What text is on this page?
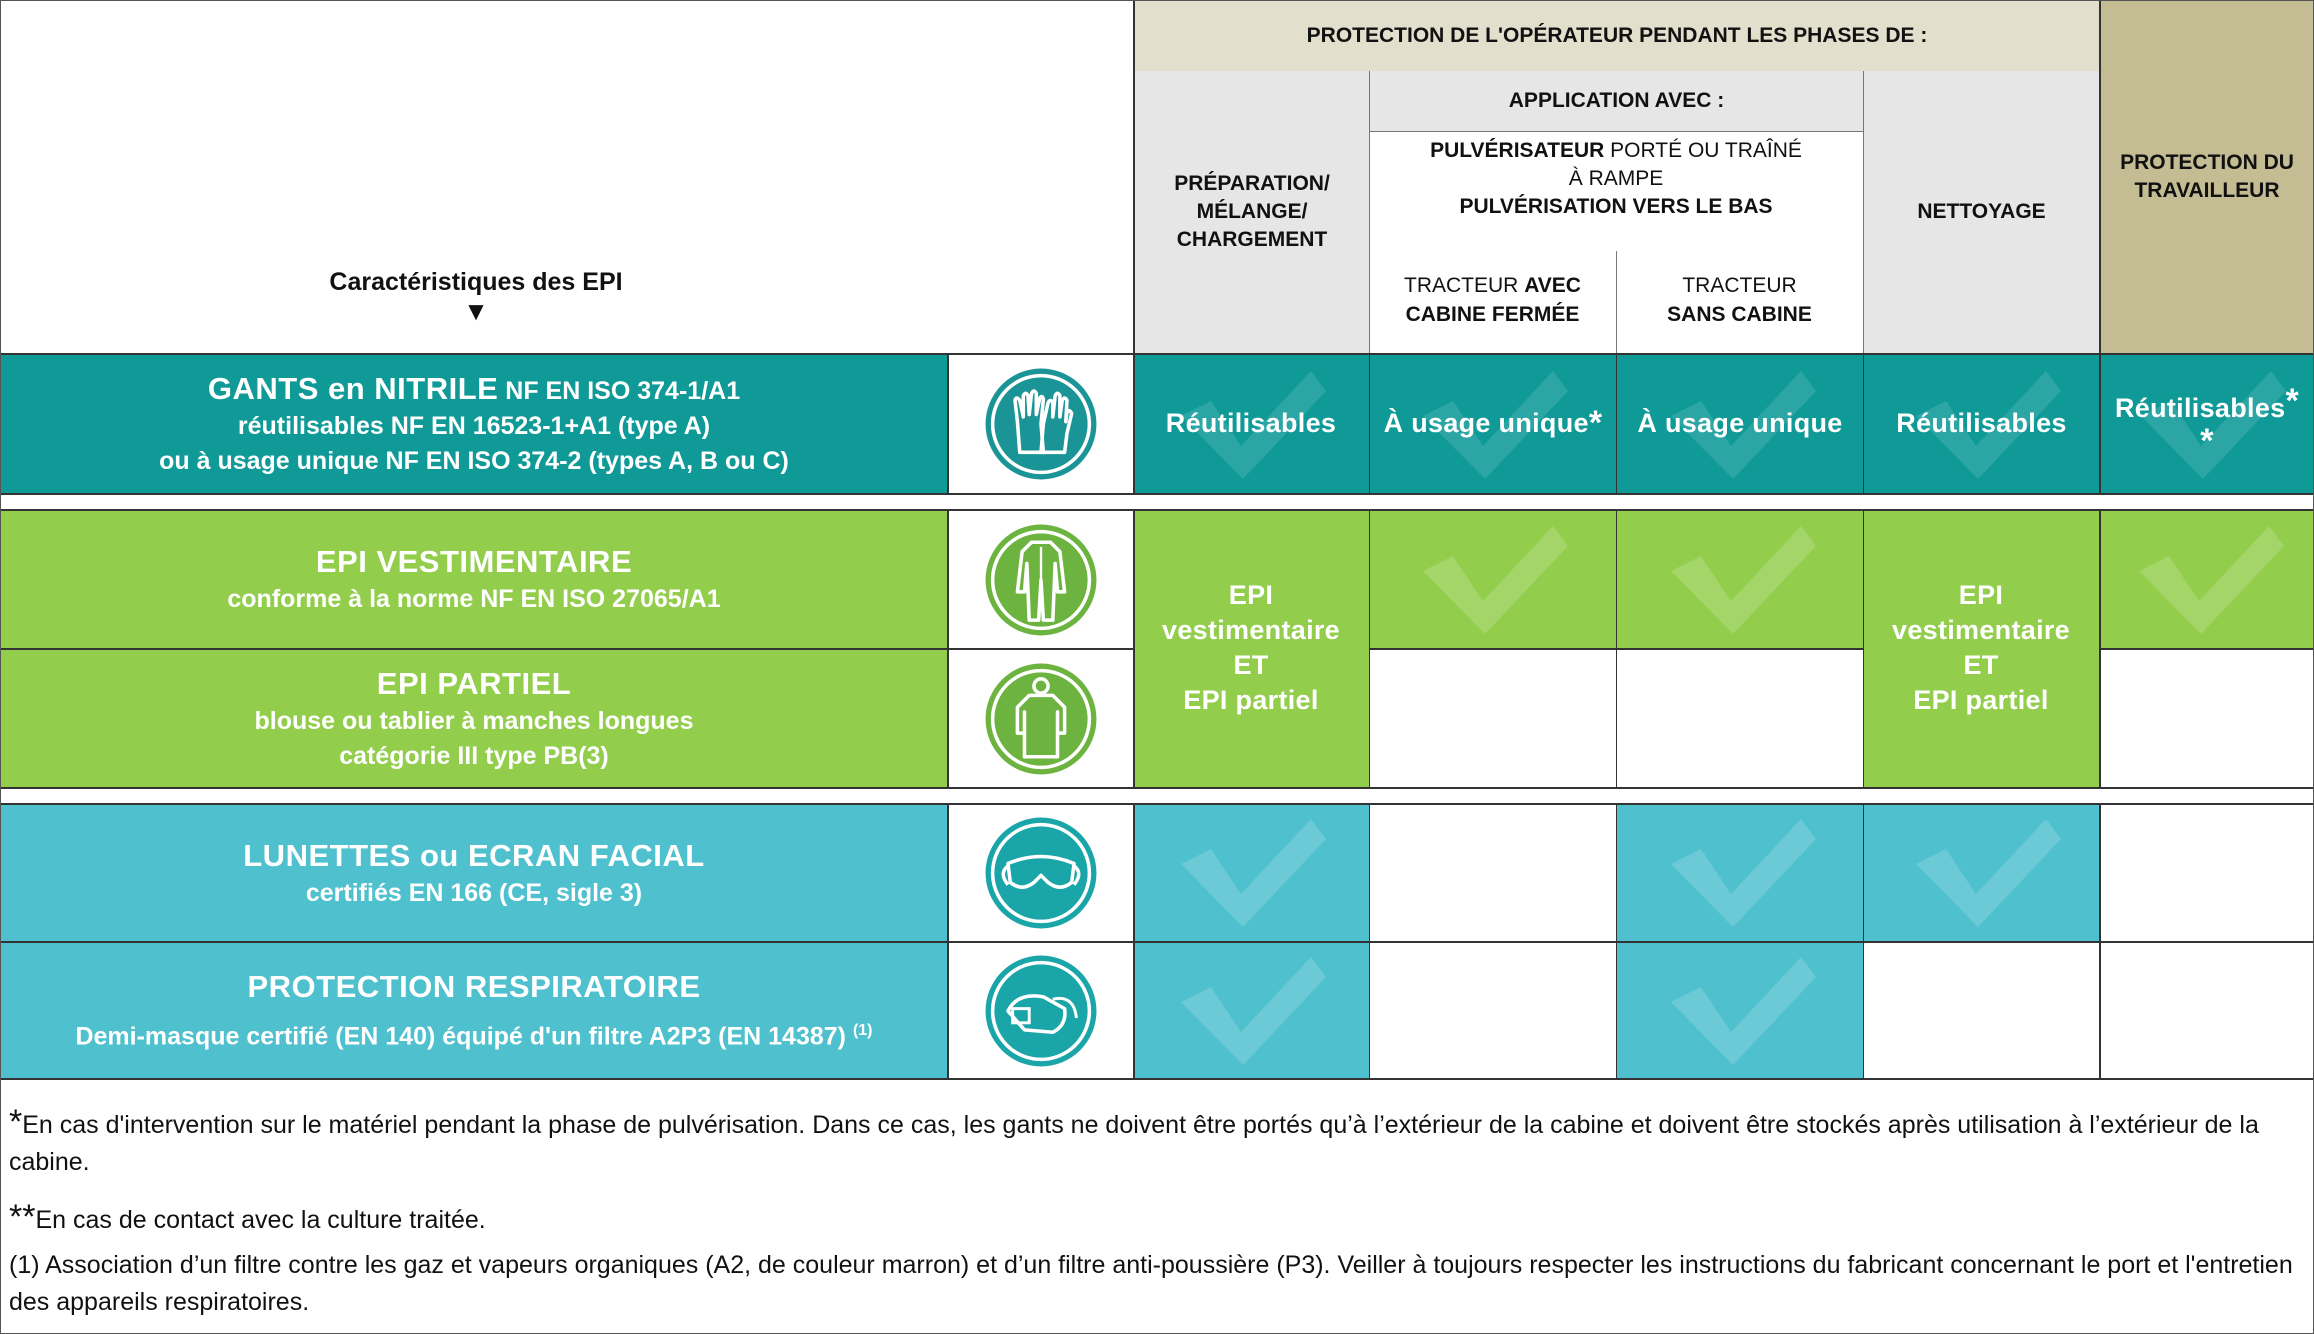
Caractéristiques des EPI
▼
PROTECTION DE L'OPÉRATEUR PENDANT LES PHASES DE :
PROTECTION DU
TRAVAILLEUR
PRÉPARATION/
MÉLANGE/
CHARGEMENT
APPLICATION AVEC :
PULVÉRISATEUR PORTÉ OU TRAÎNÉ
À RAMPE
PULVÉRISATION VERS LE BAS
TRACTEUR AVEC
CABINE FERMÉE
TRACTEUR
SANS CABINE
NETTOYAGE
GANTS en NITRILE NF EN ISO 374-1/A1
réutilisables NF EN 16523-1+A1 (type A)
ou à usage unique NF EN ISO 374-2 (types A, B ou C)
Réutilisables À usage unique * À usage unique Réutilisables Réutilisables*
*
EPI VESTIMENTAIRE
conforme à la norme NF EN ISO 27065/A1
EPI PARTIEL
blouse ou tablier à manches longues
catégorie III type PB(3)
EPI
vestimentaire
ET
EPI partiel
EPI
vestimentaire
ET
EPI partiel
LUNETTES ou ECRAN FACIAL
certifiés EN 166 (CE, sigle 3)
PROTECTION RESPIRATOIRE
Demi-masque certifié (EN 140) équipé d'un filtre A2P3 (EN 14387) $^{(1)}$
*En cas d'intervention sur le matériel pendant la phase de pulvérisation. Dans ce cas, les gants ne doivent être portés qu’à l’extérieur de la cabine et doivent être stockés après utilisation à l’extérieur de la cabine.
**En cas de contact avec la culture traitée.
(1) Association d’un filtre contre les gaz et vapeurs organiques (A2, de couleur marron) et d’un filtre anti-poussière (P3). Veiller à toujours respecter les instructions du fabricant concernant le port et l'entretien des appareils respiratoires.
